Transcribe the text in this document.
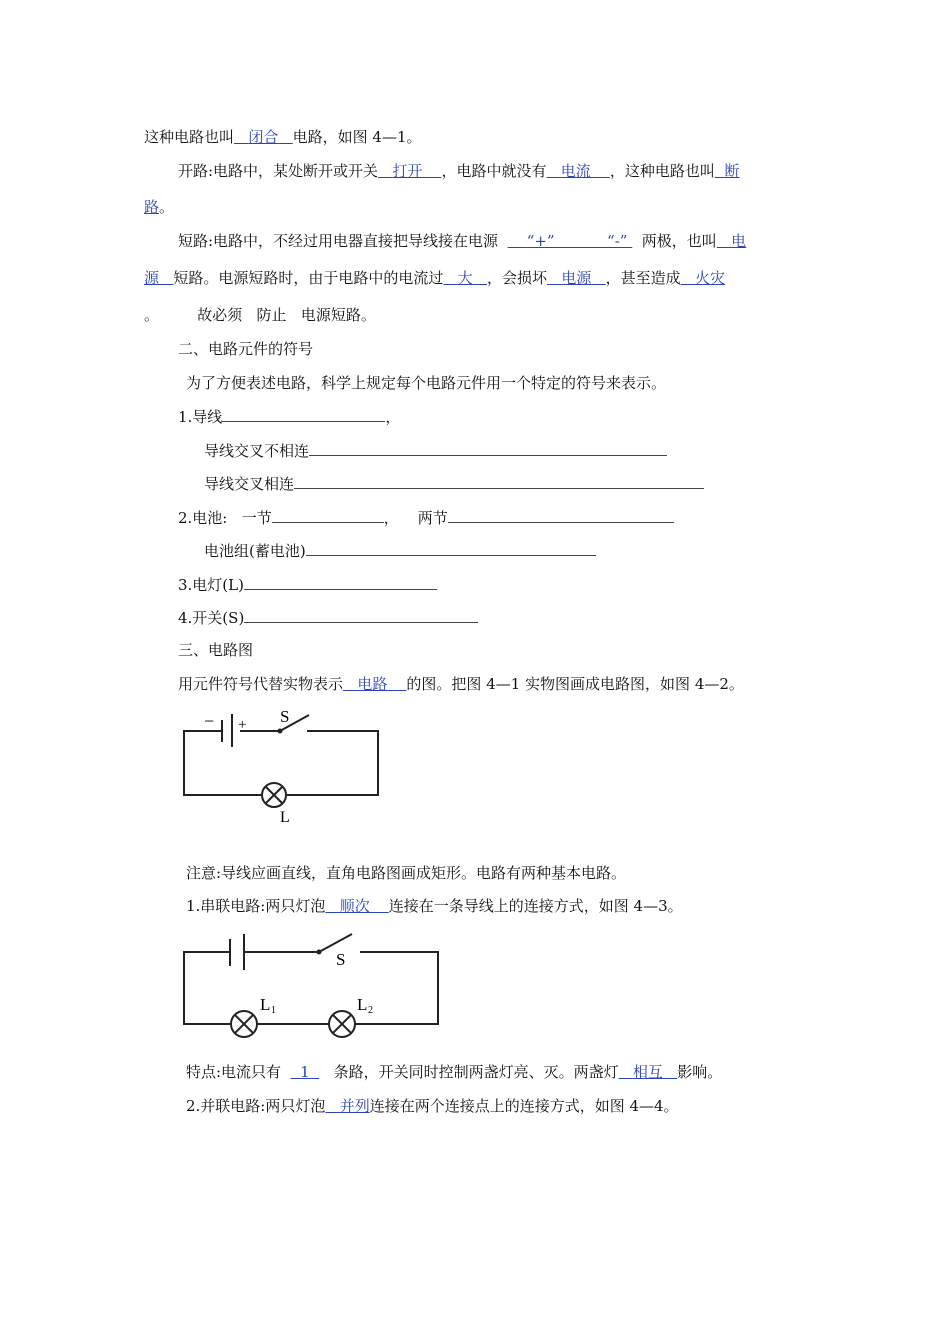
这种电路也叫 闭合 电路，如图 4—1。
开路:电路中，某处断开或开关 打开 ，电路中就没有 电流 ，这种电路也叫 断
路。
短路:电路中，不经过用电器直接把导线接在电源 “+”	“-” 两极，也叫 电
源 短路。电源短路时，由于电路中的电流过 大 ，会损坏 电源 ，甚至造成 火灾
。	故必须 防止 电源短路。
二、电路元件的符号
为了方便表述电路，科学上规定每个电路元件用一个特定的符号来表示。
1.导线	，
导线交叉不相连
导线交叉相连
2.电池: 一节	， 两节
电池组(蓄电池)
3.电灯(L)
4.开关(S)
三、电路图
用元件符号代替实物表示 电路 的图。把图 4—1 实物图画成电路图，如图 4—2。
− + S
L
注意:导线应画直线，直角电路图画成矩形。电路有两种基本电路。
1.串联电路:两只灯泡 顺次 连接在一条导线上的连接方式，如图 4—3。
S
L 1	L 2
特点:电流只有 1 条路，开关同时控制两盏灯亮、灭。两盏灯 相互 影响。
2.并联电路:两只灯泡 并列连接在两个连接点上的连接方式，如图 4—4。
